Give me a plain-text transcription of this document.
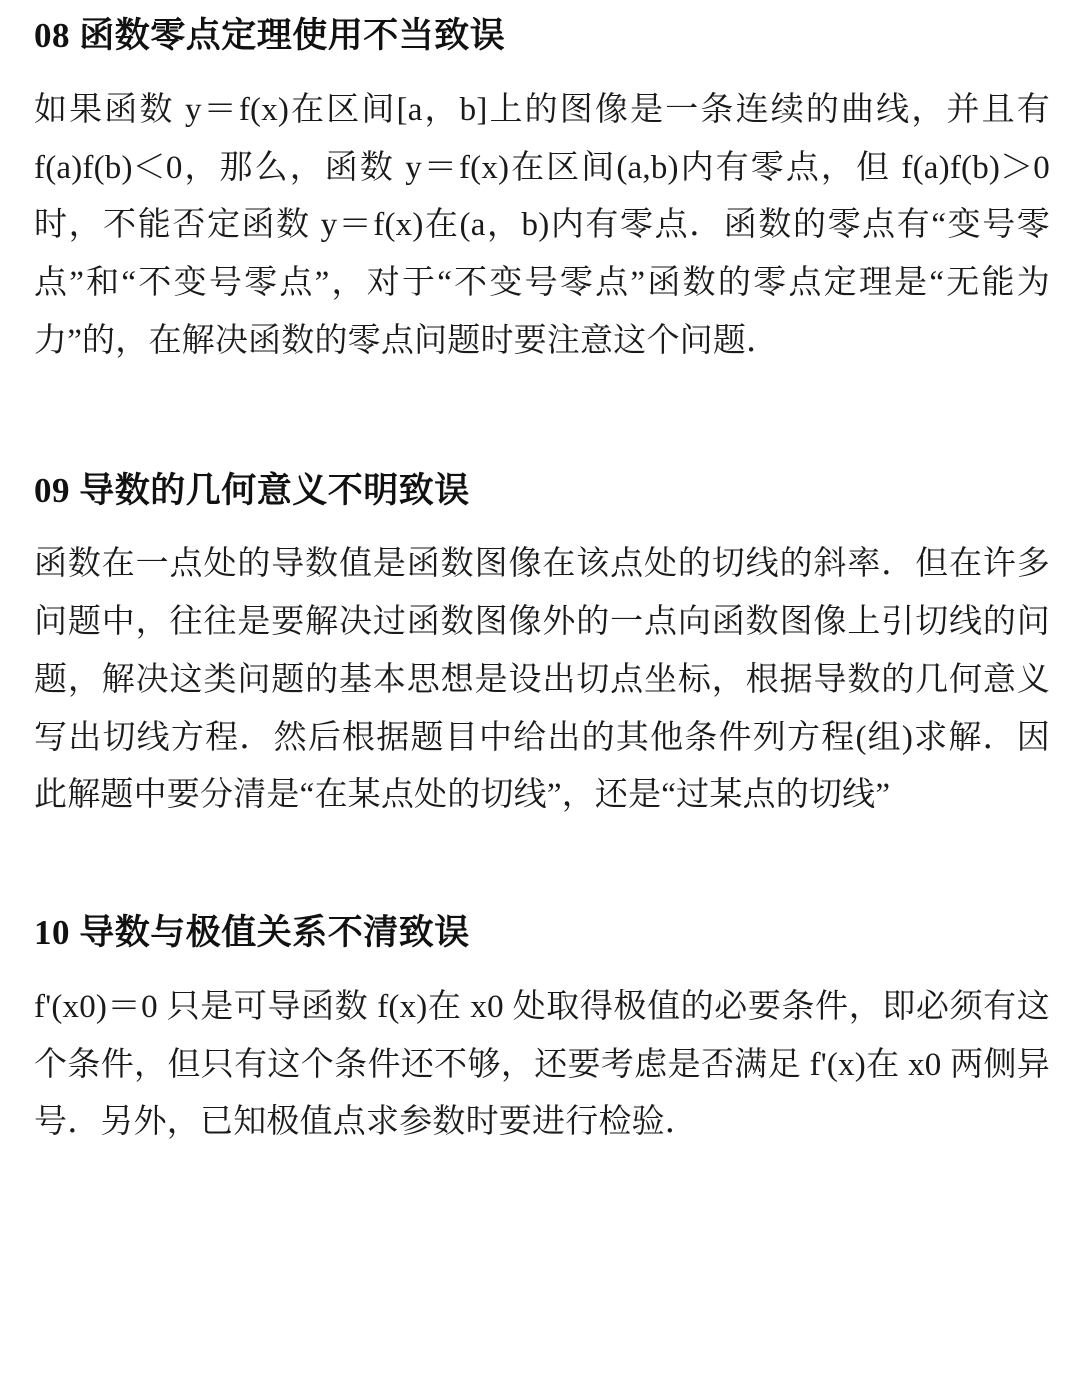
08 函数零点定理使用不当致误

如果函数 y＝f(x)在区间[a，b]上的图像是一条连续的曲线，并且有 f(a)f(b)＜0，那么，函数 y＝f(x)在区间(a,b)内有零点，但 f(a)f(b)＞0 时，不能否定函数 y＝f(x)在(a，b)内有零点．函数的零点有“变号零点”和“不变号零点”，对于“不变号零点”函数的零点定理是“无能为力”的，在解决函数的零点问题时要注意这个问题．

09 导数的几何意义不明致误

函数在一点处的导数值是函数图像在该点处的切线的斜率．但在许多问题中，往往是要解决过函数图像外的一点向函数图像上引切线的问题，解决这类问题的基本思想是设出切点坐标，根据导数的几何意义写出切线方程．然后根据题目中给出的其他条件列方程(组)求解．因此解题中要分清是“在某点处的切线”，还是“过某点的切线”

10 导数与极值关系不清致误

f'(x0)＝0 只是可导函数 f(x)在 x0 处取得极值的必要条件，即必须有这个条件，但只有这个条件还不够，还要考虑是否满足 f'(x)在 x0 两侧异号．另外，已知极值点求参数时要进行检验．
